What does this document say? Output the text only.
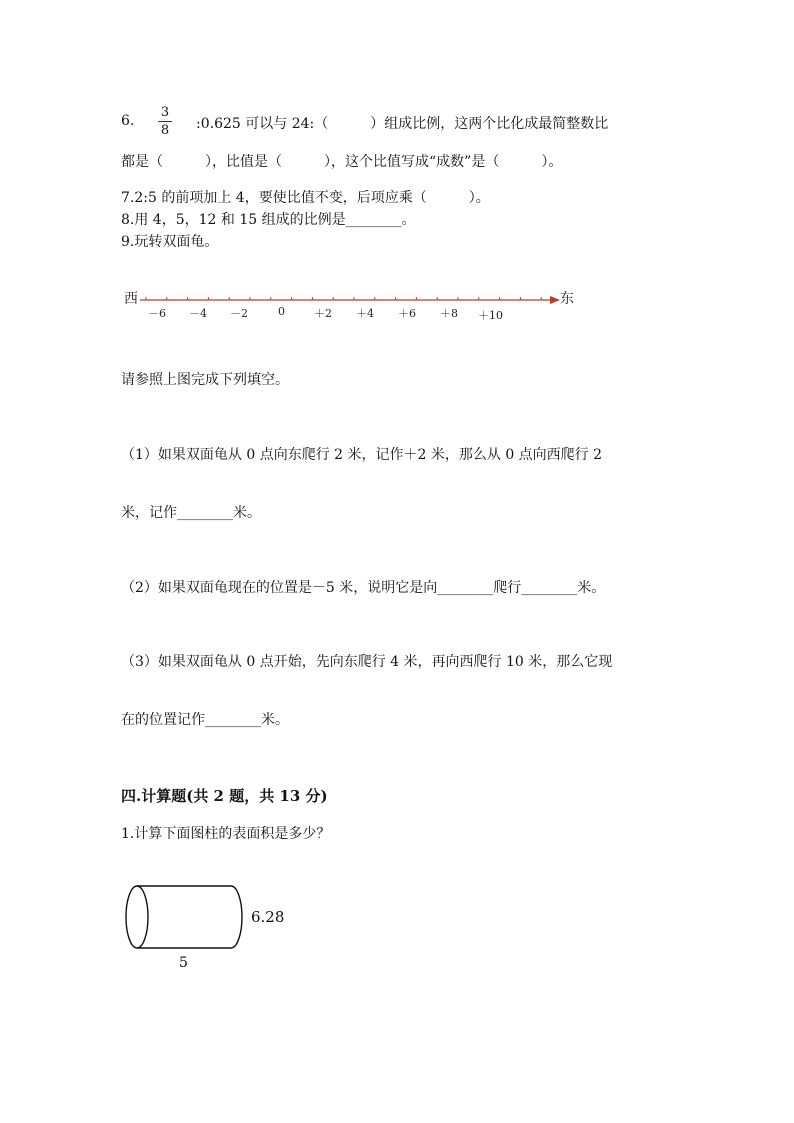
6.
3
8 :0.625 可以与 24:（　　　）组成比例，这两个比化成最简整数比
都是（　　　），比值是（　　　），这个比值写成“成数”是（　　　）。
7.2:5 的前项加上 4，要使比值不变，后项应乘（　　　）。
8.用 4，5，12 和 15 组成的比例是________。
9.玩转双面龟。
西	东
－6 －4 －2	0	＋2 ＋4 ＋6 ＋8 ＋10
请参照上图完成下列填空。
（1）如果双面龟从 0 点向东爬行 2 米，记作＋2 米，那么从 0 点向西爬行 2
米，记作________米。
（2）如果双面龟现在的位置是－5 米，说明它是向________爬行________米。
（3）如果双面龟从 0 点开始，先向东爬行 4 米，再向西爬行 10 米，那么它现
在的位置记作________米。
四.计算题(共 2 题，共 13 分)
1.计算下面图柱的表面积是多少？
6.28
5
